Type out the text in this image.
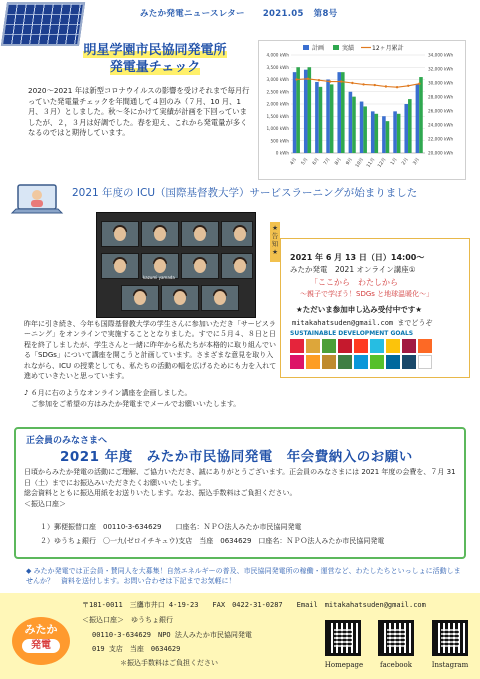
みたか発電ニュースレター 2021.05 第8号
明星学園市民協同発電所
発電量チェック
2020〜2021 年は新型コロナウイルスの影響を受けそれまで毎月行っていた発電量チェックを年間通して４回のみ（７月、10 月、1 月、３月）としました。秋〜冬にかけて実績が計画を下回っていましたが、２，３月は好調でした。春を迎え、これから発電量が多くなるのではと期待しています。
0 kWh
500 kWh
1,000 kWh
1,500 kWh
2,000 kWh
2,500 kWh
3,000 kWh
3,500 kWh
4,000 kWh
20,000 kWh
22,000 kWh
24,000 kWh
26,000 kWh
28,000 kWh
30,000 kWh
32,000 kWh
34,000 kWh
4月 5月 6月 7月 8月 9月 10月 11月 12月 1月 2月 3月
計画	実績	12ヶ月累計
2021 年度の ICU（国際基督教大学）サービスラーニングが始まりました
kazumi yamada
★告知★
2021 年 6 月 13 日（日）14:00〜
みたか発電　2021 オンライン講座①
「ここから　わたしから
〜親子で学ぼう！SDGs と地球温暖化〜」
★ただいま参加申し込み受付中です★
mitakahatsuden@gmail.com までどうぞ
SUSTAINABLE DEVELOPMENT GOALS
昨年に引き続き、今年も国際基督教大学の学生さんに参加いただき「サービスラーニング」をオンラインで実施することとなりました。すでに５月４、８日と日程を終了しましたが、学生さんと一緒に昨年から私たちが本格的に取り組んでいる「SDGs」について講座を開こうと計画しています。さまざまな意見を取り入れながら、ICU の授業としても、私たちの活動の幅を広げるためにも力を入れて進めていきたいと思っています。
♪ ６月に右のようなオンライン講座を企画しました。
　ご参加をご希望の方はみたか発電までメールでお願いいたします。
正会員のみなさまへ
2021 年度　みたか市民協同発電　年会費納入のお願い
日頃からみたか発電の活動にご理解、ご協力いただき、誠にありがとうございます。正会員のみなさまには 2021 年度の会費を、７月 31 日（土）までにお振込みいただきたくお願いいたします。
総会資料とともに振込用紙をお送りいたします。なお、振込手数料はご負担ください。
＜振込口座＞
１）郵便振替口座　00110-3-634629　　口座名：ＮＰＯ法人みたか市民協同発電
２）ゆうちょ銀行　〇一九(ゼロイチキュウ)支店　当座　0634629　口座名：ＮＰＯ法人みたか市民協同発電
◆ みたか発電では正会員・賛同人を大募集！自然エネルギーの普及、市民協同発電所の稼働・運営など、わたしたちといっしょに活動しませんか？　資料を送付します。お問い合わせは下記までお気軽に！
みたか
発電
〒181-0011　三鷹市井口 4-19-23　　FAX　0422-31-0287　　Email　mitakahatsuden@gmail.com
＜振込口座＞　ゆうちょ銀行
00110-3-634629　NPO 法人みたか市民協同発電
019 支店　当座　0634629
＊振込手数料はご負担ください	Homepage	facebook	Instagram
